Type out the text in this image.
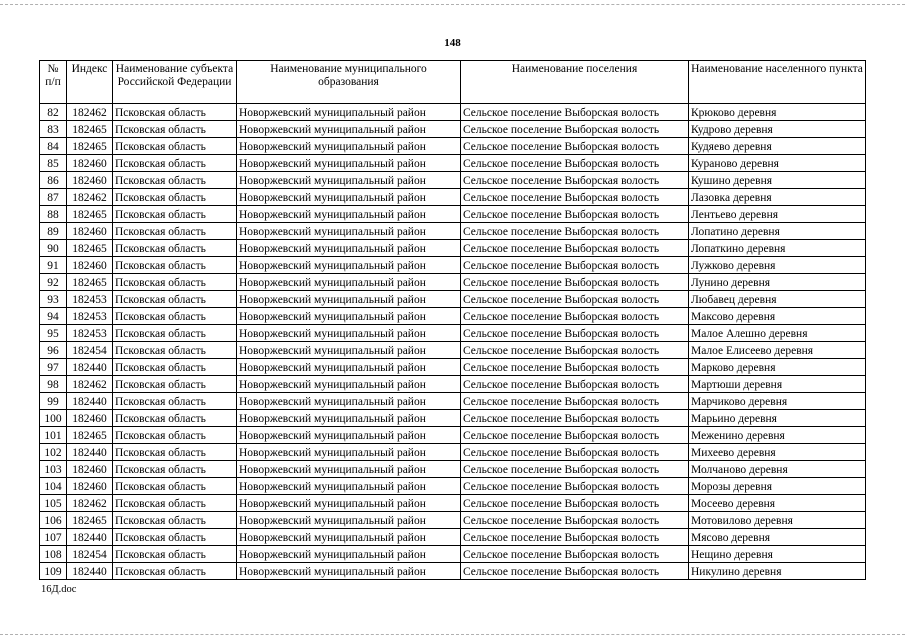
148
№ п/п	Индекс	Наименование субъекта Российской Федерации	Наименование муниципального образования	Наименование поселения	Наименование населенного пункта
82	182462	Псковская область	Новоржевский муниципальный район	Сельское поселение Выборская волость	Крюково деревня
83	182465	Псковская область	Новоржевский муниципальный район	Сельское поселение Выборская волость	Кудрово деревня
84	182465	Псковская область	Новоржевский муниципальный район	Сельское поселение Выборская волость	Кудяево деревня
85	182460	Псковская область	Новоржевский муниципальный район	Сельское поселение Выборская волость	Кураново деревня
86	182460	Псковская область	Новоржевский муниципальный район	Сельское поселение Выборская волость	Кушино деревня
87	182462	Псковская область	Новоржевский муниципальный район	Сельское поселение Выборская волость	Лазовка деревня
88	182465	Псковская область	Новоржевский муниципальный район	Сельское поселение Выборская волость	Лентьево деревня
89	182460	Псковская область	Новоржевский муниципальный район	Сельское поселение Выборская волость	Лопатино деревня
90	182465	Псковская область	Новоржевский муниципальный район	Сельское поселение Выборская волость	Лопаткино деревня
91	182460	Псковская область	Новоржевский муниципальный район	Сельское поселение Выборская волость	Лужково деревня
92	182465	Псковская область	Новоржевский муниципальный район	Сельское поселение Выборская волость	Лунино деревня
93	182453	Псковская область	Новоржевский муниципальный район	Сельское поселение Выборская волость	Любавец деревня
94	182453	Псковская область	Новоржевский муниципальный район	Сельское поселение Выборская волость	Максово деревня
95	182453	Псковская область	Новоржевский муниципальный район	Сельское поселение Выборская волость	Малое Алешно деревня
96	182454	Псковская область	Новоржевский муниципальный район	Сельское поселение Выборская волость	Малое Елисеево деревня
97	182440	Псковская область	Новоржевский муниципальный район	Сельское поселение Выборская волость	Марково деревня
98	182462	Псковская область	Новоржевский муниципальный район	Сельское поселение Выборская волость	Мартюши деревня
99	182440	Псковская область	Новоржевский муниципальный район	Сельское поселение Выборская волость	Марчиково деревня
100	182460	Псковская область	Новоржевский муниципальный район	Сельское поселение Выборская волость	Марьино деревня
101	182465	Псковская область	Новоржевский муниципальный район	Сельское поселение Выборская волость	Меженино деревня
102	182440	Псковская область	Новоржевский муниципальный район	Сельское поселение Выборская волость	Михеево деревня
103	182460	Псковская область	Новоржевский муниципальный район	Сельское поселение Выборская волость	Молчаново деревня
104	182460	Псковская область	Новоржевский муниципальный район	Сельское поселение Выборская волость	Морозы деревня
105	182462	Псковская область	Новоржевский муниципальный район	Сельское поселение Выборская волость	Мосеево деревня
106	182465	Псковская область	Новоржевский муниципальный район	Сельское поселение Выборская волость	Мотовилово деревня
107	182440	Псковская область	Новоржевский муниципальный район	Сельское поселение Выборская волость	Мясово деревня
108	182454	Псковская область	Новоржевский муниципальный район	Сельское поселение Выборская волость	Нещино деревня
109	182440	Псковская область	Новоржевский муниципальный район	Сельское поселение Выборская волость	Никулино деревня
16Д.doc
